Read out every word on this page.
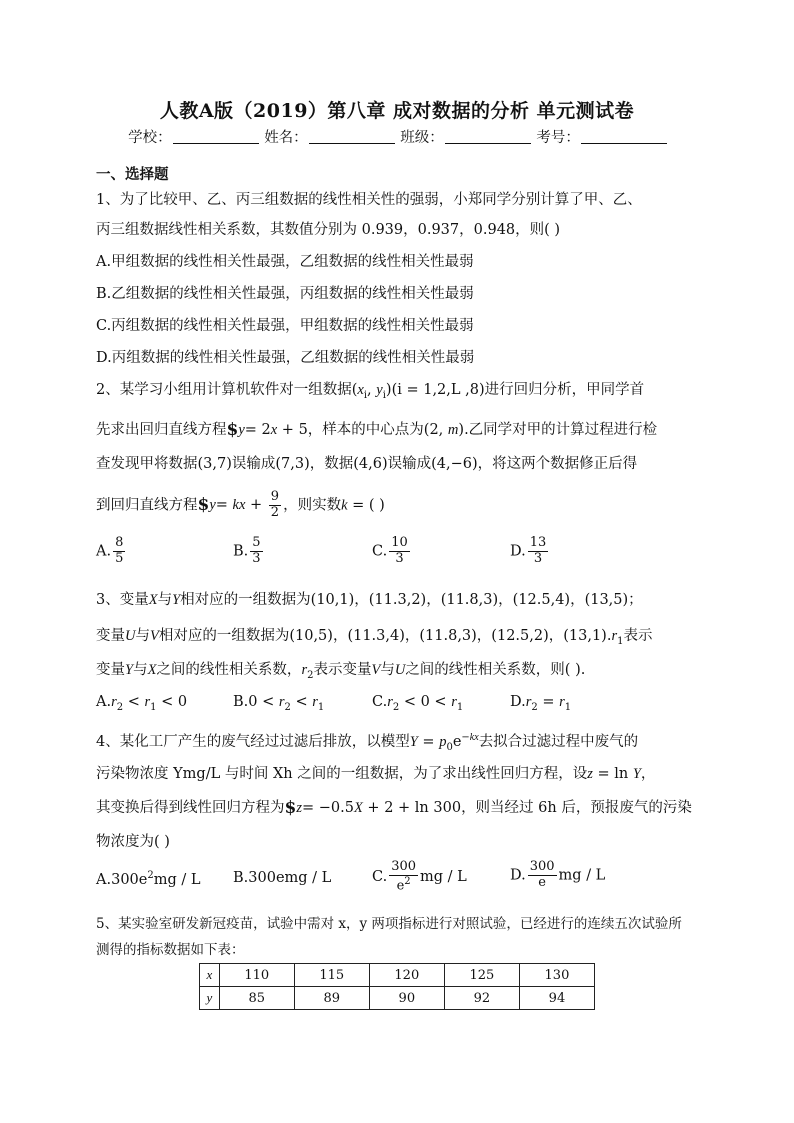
人教A版（2019）第八章 成对数据的分析 单元测试卷
学校：	姓名：	班级：	考号：
一、选择题
1、为了比较甲、乙、丙三组数据的线性相关性的强弱，小郑同学分别计算了甲、乙、
丙三组数据线性相关系数，其数值分别为 0.939，0.937，0.948，则( )
A.甲组数据的线性相关性最强，乙组数据的线性相关性最弱
B.乙组数据的线性相关性最强，丙组数据的线性相关性最弱
C.丙组数据的线性相关性最强，甲组数据的线性相关性最弱
D.丙组数据的线性相关性最强，乙组数据的线性相关性最弱
2、某学习小组用计算机软件对一组数据($x_i$, $y_i)(i = 1,2,L$ ,8)进行回归分析，甲同学首
先求出回归直线方程$y= 2x + 5，样本的中心点为(2, m).乙同学对甲的计算过程进行检
查发现甲将数据(3,7)误输成(7,3)，数据(4,6)误输成(4,−6)，将这两个数据修正后得
到回归直线方程$y= kx + $\frac{9}{2}$ ，则实数k = ( )
A. $\frac{8}{5}$	B. $\frac{5}{3}$	C. $\frac{10}{3}$	D. $\frac{13}{3}$
3、变量X与Y相对应的一组数据为(10,1)，(11.3,2)，(11.8,3)，(12.5,4)，(13,5)；
变量U与V相对应的一组数据为(10,5)，(11.3,4)，(11.8,3)，(12.5,2)，$(13,1).r_1$表示
变量Y与X之间的线性相关系数，$r_2$表示变量V与U之间的线性相关系数，则( ).
$A.r_2 < r_1 < 0$	$B.0 < r_2 < r_1$	$C.r_2 < 0 < r_1$	$D.r_2 = r_1$
4、某化工厂产生的废气经过过滤后排放，以模型$Y = p_0e^{-kx}$去拟合过滤过程中废气的
污染物浓度 Ymg/L 与时间 Xh 之间的一组数据，为了求出线性回归方程，设z = ln Y，
其变换后得到线性回归方程为$z= −0.5X + 2 + ln 300，则当经过 6h 后，预报废气的污染
物浓度为( )
$A.300e^2mg$ / L B.300emg / L	C. $\frac{300}{e^2}$ mg / L	D. $\frac{300}{e}$ mg / L
5、某实验室研发新冠疫苗，试验中需对 x，y 两项指标进行对照试验，已经进行的连续五次试验所
测得的指标数据如下表：
x	110	115	120	125	130
y	85	89	90	92	94
